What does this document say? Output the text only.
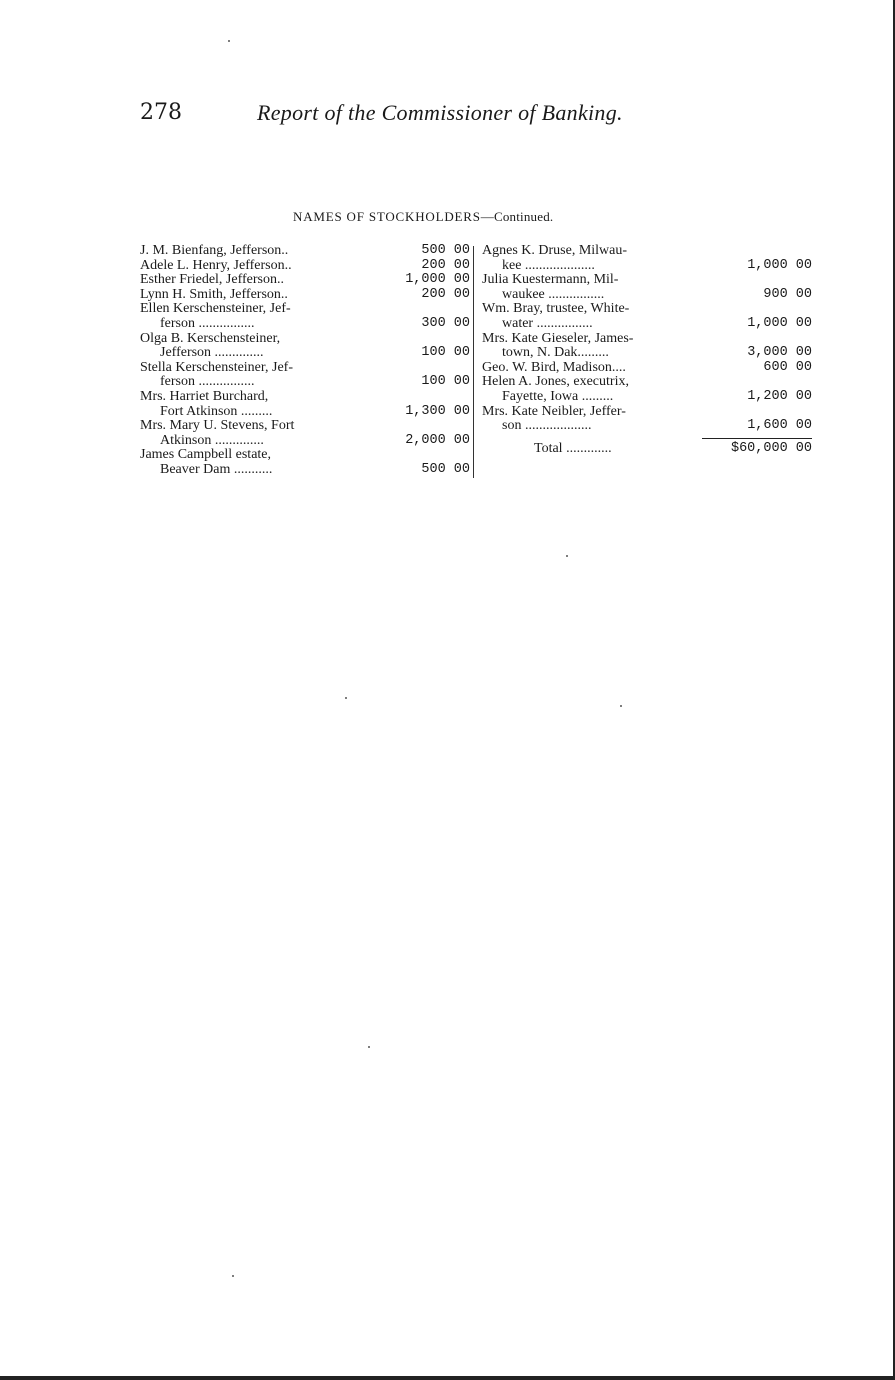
278	Report of the Commissioner of Banking.
NAMES OF STOCKHOLDERS—Continued.
J. M. Bienfang, Jefferson..	500 00
Adele L. Henry, Jefferson..	200 00
Esther Friedel, Jefferson..	1,000 00
Lynn H. Smith, Jefferson..	200 00
Ellen Kerschensteiner, Jef-
ferson ................	300 00
Olga B. Kerschensteiner,
Jefferson ..............	100 00
Stella Kerschensteiner, Jef-
ferson ................	100 00
Mrs. Harriet Burchard,
Fort Atkinson .........	1,300 00
Mrs. Mary U. Stevens, Fort
Atkinson ..............	2,000 00
James Campbell estate,
Beaver Dam ...........	500 00
Agnes K. Druse, Milwau-
kee ....................	1,000 00
Julia Kuestermann, Mil-
waukee ................	900 00
Wm. Bray, trustee, White-
water ................	1,000 00
Mrs. Kate Gieseler, James-
town, N. Dak.........	3,000 00
Geo. W. Bird, Madison....	600 00
Helen A. Jones, executrix,
Fayette, Iowa .........	1,200 00
Mrs. Kate Neibler, Jeffer-
son ...................	1,600 00
Total .............	$60,000 00
